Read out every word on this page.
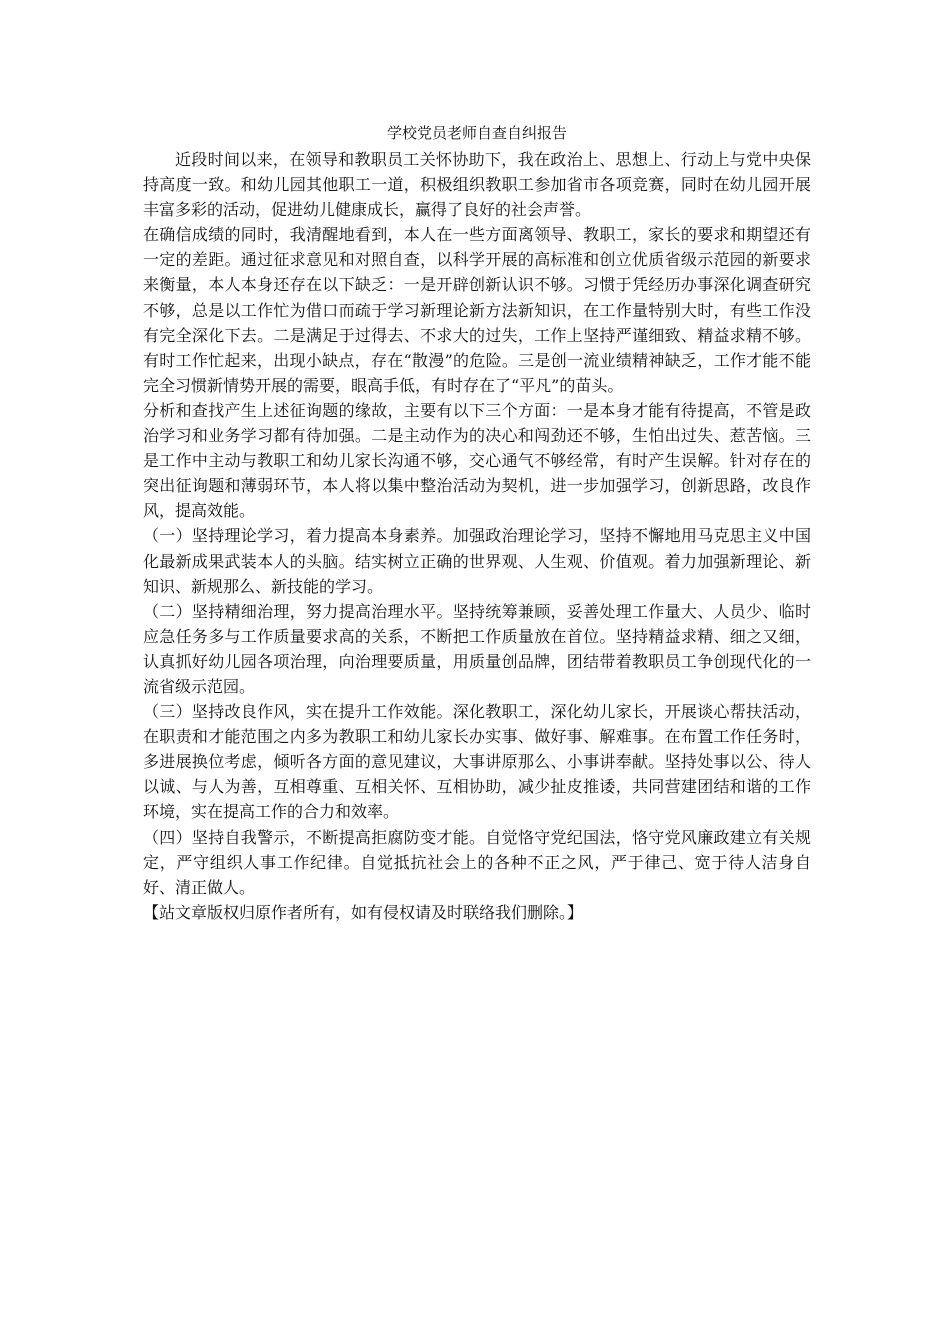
学校党员老师自查自纠报告

近段时间以来，在领导和教职员工关怀协助下，我在政治上、思想上、行动上与党中央保持高度一致。和幼儿园其他职工一道，积极组织教职工参加省市各项竞赛，同时在幼儿园开展丰富多彩的活动，促进幼儿健康成长，赢得了良好的社会声誉。

在确信成绩的同时，我清醒地看到，本人在一些方面离领导、教职工，家长的要求和期望还有一定的差距。通过征求意见和对照自查，以科学开展的高标准和创立优质省级示范园的新要求来衡量，本人本身还存在以下缺乏：一是开辟创新认识不够。习惯于凭经历办事深化调查研究不够，总是以工作忙为借口而疏于学习新理论新方法新知识，在工作量特别大时，有些工作没有完全深化下去。二是满足于过得去、不求大的过失，工作上坚持严谨细致、精益求精不够。有时工作忙起来，出现小缺点，存在“散漫”的危险。三是创一流业绩精神缺乏，工作才能不能完全习惯新情势开展的需要，眼高手低，有时存在了“平凡”的苗头。

分析和查找产生上述征询题的缘故，主要有以下三个方面：一是本身才能有待提高，不管是政治学习和业务学习都有待加强。二是主动作为的决心和闯劲还不够，生怕出过失、惹苦恼。三是工作中主动与教职工和幼儿家长沟通不够，交心通气不够经常，有时产生误解。针对存在的突出征询题和薄弱环节，本人将以集中整治活动为契机，进一步加强学习，创新思路，改良作风，提高效能。

（一）坚持理论学习，着力提高本身素养。加强政治理论学习，坚持不懈地用马克思主义中国化最新成果武装本人的头脑。结实树立正确的世界观、人生观、价值观。着力加强新理论、新知识、新规那么、新技能的学习。

（二）坚持精细治理，努力提高治理水平。坚持统筹兼顾，妥善处理工作量大、人员少、临时应急任务多与工作质量要求高的关系，不断把工作质量放在首位。坚持精益求精、细之又细，认真抓好幼儿园各项治理，向治理要质量，用质量创品牌，团结带着教职员工争创现代化的一流省级示范园。

（三）坚持改良作风，实在提升工作效能。深化教职工，深化幼儿家长，开展谈心帮扶活动，在职责和才能范围之内多为教职工和幼儿家长办实事、做好事、解难事。在布置工作任务时，多进展换位考虑，倾听各方面的意见建议，大事讲原那么、小事讲奉献。坚持处事以公、待人以诚、与人为善，互相尊重、互相关怀、互相协助，减少扯皮推诿，共同营建团结和谐的工作环境，实在提高工作的合力和效率。

（四）坚持自我警示，不断提高拒腐防变才能。自觉恪守党纪国法，恪守党风廉政建立有关规定，严守组织人事工作纪律。自觉抵抗社会上的各种不正之风，严于律己、宽于待人洁身自好、清正做人。

【站文章版权归原作者所有，如有侵权请及时联络我们删除。】
